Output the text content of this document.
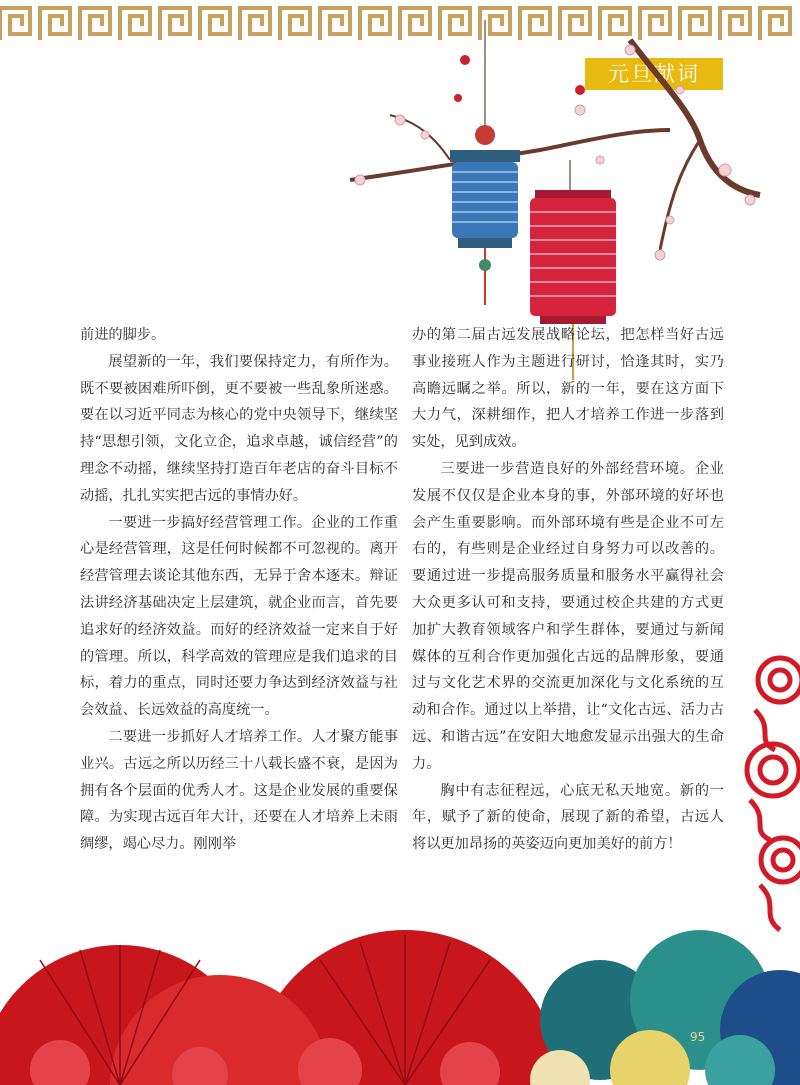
元旦献词

前进的脚步。

展望新的一年，我们要保持定力，有所作为。既不要被困难所吓倒，更不要被一些乱象所迷惑。要在以习近平同志为核心的党中央领导下，继续坚持“思想引领，文化立企，追求卓越，诚信经营”的理念不动摇，继续坚持打造百年老店的奋斗目标不动摇，扎扎实实把古远的事情办好。

一要进一步搞好经营管理工作。企业的工作重心是经营管理，这是任何时候都不可忽视的。离开经营管理去谈论其他东西，无异于舍本逐末。辩证法讲经济基础决定上层建筑，就企业而言，首先要追求好的经济效益。而好的经济效益一定来自于好的管理。所以，科学高效的管理应是我们追求的目标，着力的重点，同时还要力争达到经济效益与社会效益、长远效益的高度统一。

二要进一步抓好人才培养工作。人才聚方能事业兴。古远之所以历经三十八载长盛不衰，是因为拥有各个层面的优秀人才。这是企业发展的重要保障。为实现古远百年大计，还要在人才培养上未雨绸缪，竭心尽力。刚刚举

办的第二届古远发展战略论坛，把怎样当好古远事业接班人作为主题进行研讨，恰逢其时，实乃高瞻远瞩之举。所以，新的一年，要在这方面下大力气，深耕细作，把人才培养工作进一步落到实处，见到成效。

三要进一步营造良好的外部经营环境。企业发展不仅仅是企业本身的事，外部环境的好坏也会产生重要影响。而外部环境有些是企业不可左右的，有些则是企业经过自身努力可以改善的。要通过进一步提高服务质量和服务水平赢得社会大众更多认可和支持，要通过校企共建的方式更加扩大教育领域客户和学生群体，要通过与新闻媒体的互利合作更加强化古远的品牌形象，要通过与文化艺术界的交流更加深化与文化系统的互动和合作。通过以上举措，让“文化古远、活力古远、和谐古远”在安阳大地愈发显示出强大的生命力。

胸中有志征程远，心底无私天地宽。新的一年，赋予了新的使命，展现了新的希望，古远人将以更加昂扬的英姿迈向更加美好的前方！

95
